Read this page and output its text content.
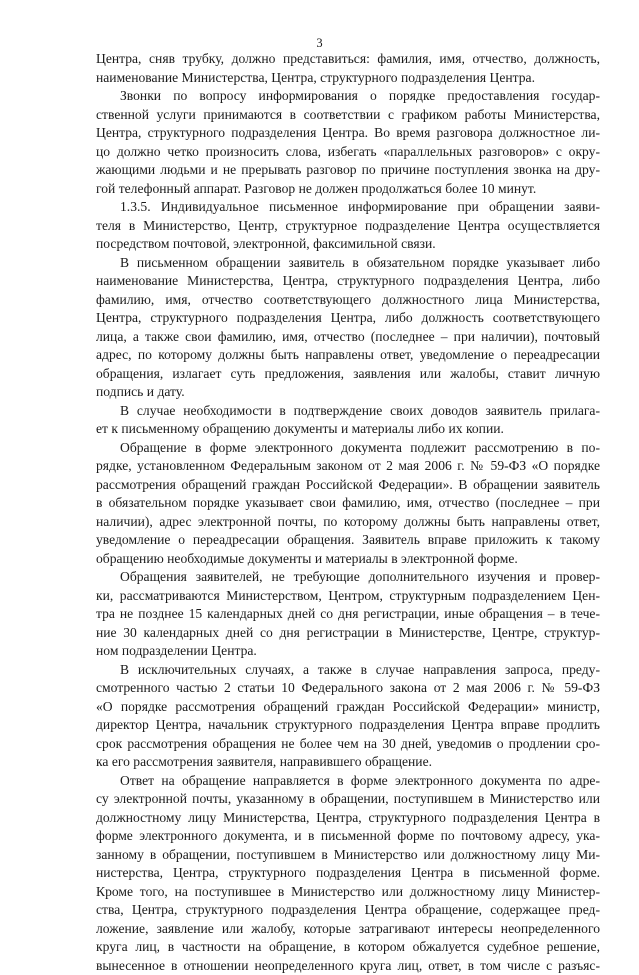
3
Центра, сняв трубку, должно представиться: фамилия, имя, отчество, должность,
наименование Министерства, Центра, структурного подразделения Центра.
Звонки по вопросу информирования о порядке предоставления государ-
ственной услуги принимаются в соответствии с графиком работы Министерства,
Центра, структурного подразделения Центра. Во время разговора должностное ли-
цо должно четко произносить слова, избегать «параллельных разговоров» с окру-
жающими людьми и не прерывать разговор по причине поступления звонка на дру-
гой телефонный аппарат. Разговор не должен продолжаться более 10 минут.
1.3.5. Индивидуальное письменное информирование при обращении заяви-
теля в Министерство, Центр, структурное подразделение Центра осуществляется
посредством почтовой, электронной, факсимильной связи.
В письменном обращении заявитель в обязательном порядке указывает либо
наименование Министерства, Центра, структурного подразделения Центра, либо
фамилию, имя, отчество соответствующего должностного лица Министерства,
Центра, структурного подразделения Центра, либо должность соответствующего
лица, а также свои фамилию, имя, отчество (последнее – при наличии), почтовый
адрес, по которому должны быть направлены ответ, уведомление о переадресации
обращения, излагает суть предложения, заявления или жалобы, ставит личную
подпись и дату.
В случае необходимости в подтверждение своих доводов заявитель прилага-
ет к письменному обращению документы и материалы либо их копии.
Обращение в форме электронного документа подлежит рассмотрению в по-
рядке, установленном Федеральным законом от 2 мая 2006 г. № 59-ФЗ «О порядке
рассмотрения обращений граждан Российской Федерации». В обращении заявитель
в обязательном порядке указывает свои фамилию, имя, отчество (последнее – при
наличии), адрес электронной почты, по которому должны быть направлены ответ,
уведомление о переадресации обращения. Заявитель вправе приложить к такому
обращению необходимые документы и материалы в электронной форме.
Обращения заявителей, не требующие дополнительного изучения и провер-
ки, рассматриваются Министерством, Центром, структурным подразделением Цен-
тра не позднее 15 календарных дней со дня регистрации, иные обращения – в тече-
ние 30 календарных дней со дня регистрации в Министерстве, Центре, структур-
ном подразделении Центра.
В исключительных случаях, а также в случае направления запроса, преду-
смотренного частью 2 статьи 10 Федерального закона от 2 мая 2006 г. № 59-ФЗ
«О порядке рассмотрения обращений граждан Российской Федерации» министр,
директор Центра, начальник структурного подразделения Центра вправе продлить
срок рассмотрения обращения не более чем на 30 дней, уведомив о продлении сро-
ка его рассмотрения заявителя, направившего обращение.
Ответ на обращение направляется в форме электронного документа по адре-
су электронной почты, указанному в обращении, поступившем в Министерство или
должностному лицу Министерства, Центра, структурного подразделения Центра в
форме электронного документа, и в письменной форме по почтовому адресу, ука-
занному в обращении, поступившем в Министерство или должностному лицу Ми-
нистерства, Центра, структурного подразделения Центра в письменной форме.
Кроме того, на поступившее в Министерство или должностному лицу Министер-
ства, Центра, структурного подразделения Центра обращение, содержащее пред-
ложение, заявление или жалобу, которые затрагивают интересы неопределенного
круга лиц, в частности на обращение, в котором обжалуется судебное решение,
вынесенное в отношении неопределенного круга лиц, ответ, в том числе с разъяс-
